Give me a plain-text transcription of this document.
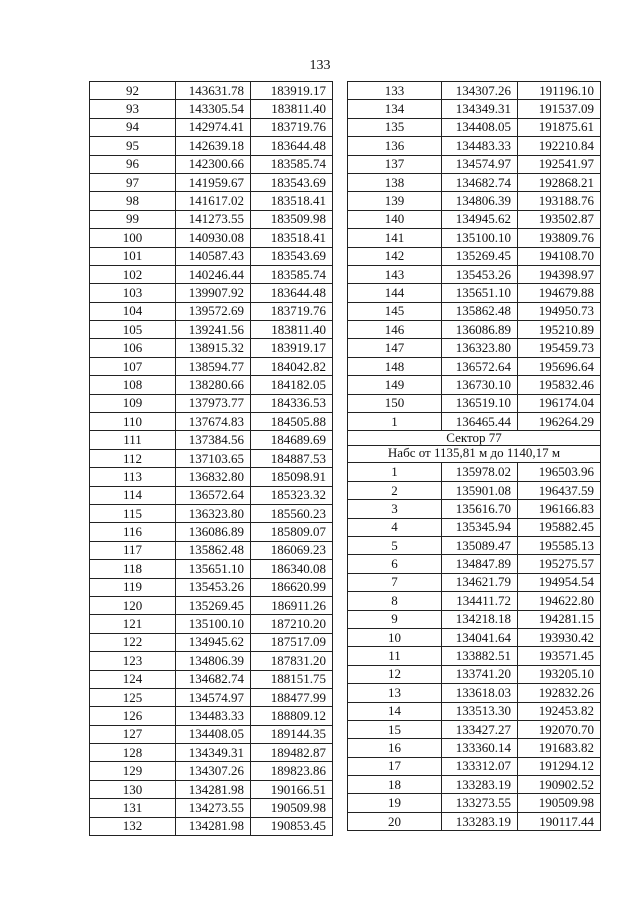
133
92	143631.78	183919.17
93	143305.54	183811.40
94	142974.41	183719.76
95	142639.18	183644.48
96	142300.66	183585.74
97	141959.67	183543.69
98	141617.02	183518.41
99	141273.55	183509.98
100	140930.08	183518.41
101	140587.43	183543.69
102	140246.44	183585.74
103	139907.92	183644.48
104	139572.69	183719.76
105	139241.56	183811.40
106	138915.32	183919.17
107	138594.77	184042.82
108	138280.66	184182.05
109	137973.77	184336.53
110	137674.83	184505.88
111	137384.56	184689.69
112	137103.65	184887.53
113	136832.80	185098.91
114	136572.64	185323.32
115	136323.80	185560.23
116	136086.89	185809.07
117	135862.48	186069.23
118	135651.10	186340.08
119	135453.26	186620.99
120	135269.45	186911.26
121	135100.10	187210.20
122	134945.62	187517.09
123	134806.39	187831.20
124	134682.74	188151.75
125	134574.97	188477.99
126	134483.33	188809.12
127	134408.05	189144.35
128	134349.31	189482.87
129	134307.26	189823.86
130	134281.98	190166.51
131	134273.55	190509.98
132	134281.98	190853.45
133	134307.26	191196.10
134	134349.31	191537.09
135	134408.05	191875.61
136	134483.33	192210.84
137	134574.97	192541.97
138	134682.74	192868.21
139	134806.39	193188.76
140	134945.62	193502.87
141	135100.10	193809.76
142	135269.45	194108.70
143	135453.26	194398.97
144	135651.10	194679.88
145	135862.48	194950.73
146	136086.89	195210.89
147	136323.80	195459.73
148	136572.64	195696.64
149	136730.10	195832.46
150	136519.10	196174.04
1	136465.44	196264.29
Сектор 77		
Набс от 1135,81 м до 1140,17 м		
1	135978.02	196503.96
2	135901.08	196437.59
3	135616.70	196166.83
4	135345.94	195882.45
5	135089.47	195585.13
6	134847.89	195275.57
7	134621.79	194954.54
8	134411.72	194622.80
9	134218.18	194281.15
10	134041.64	193930.42
11	133882.51	193571.45
12	133741.20	193205.10
13	133618.03	192832.26
14	133513.30	192453.82
15	133427.27	192070.70
16	133360.14	191683.82
17	133312.07	191294.12
18	133283.19	190902.52
19	133273.55	190509.98
20	133283.19	190117.44
